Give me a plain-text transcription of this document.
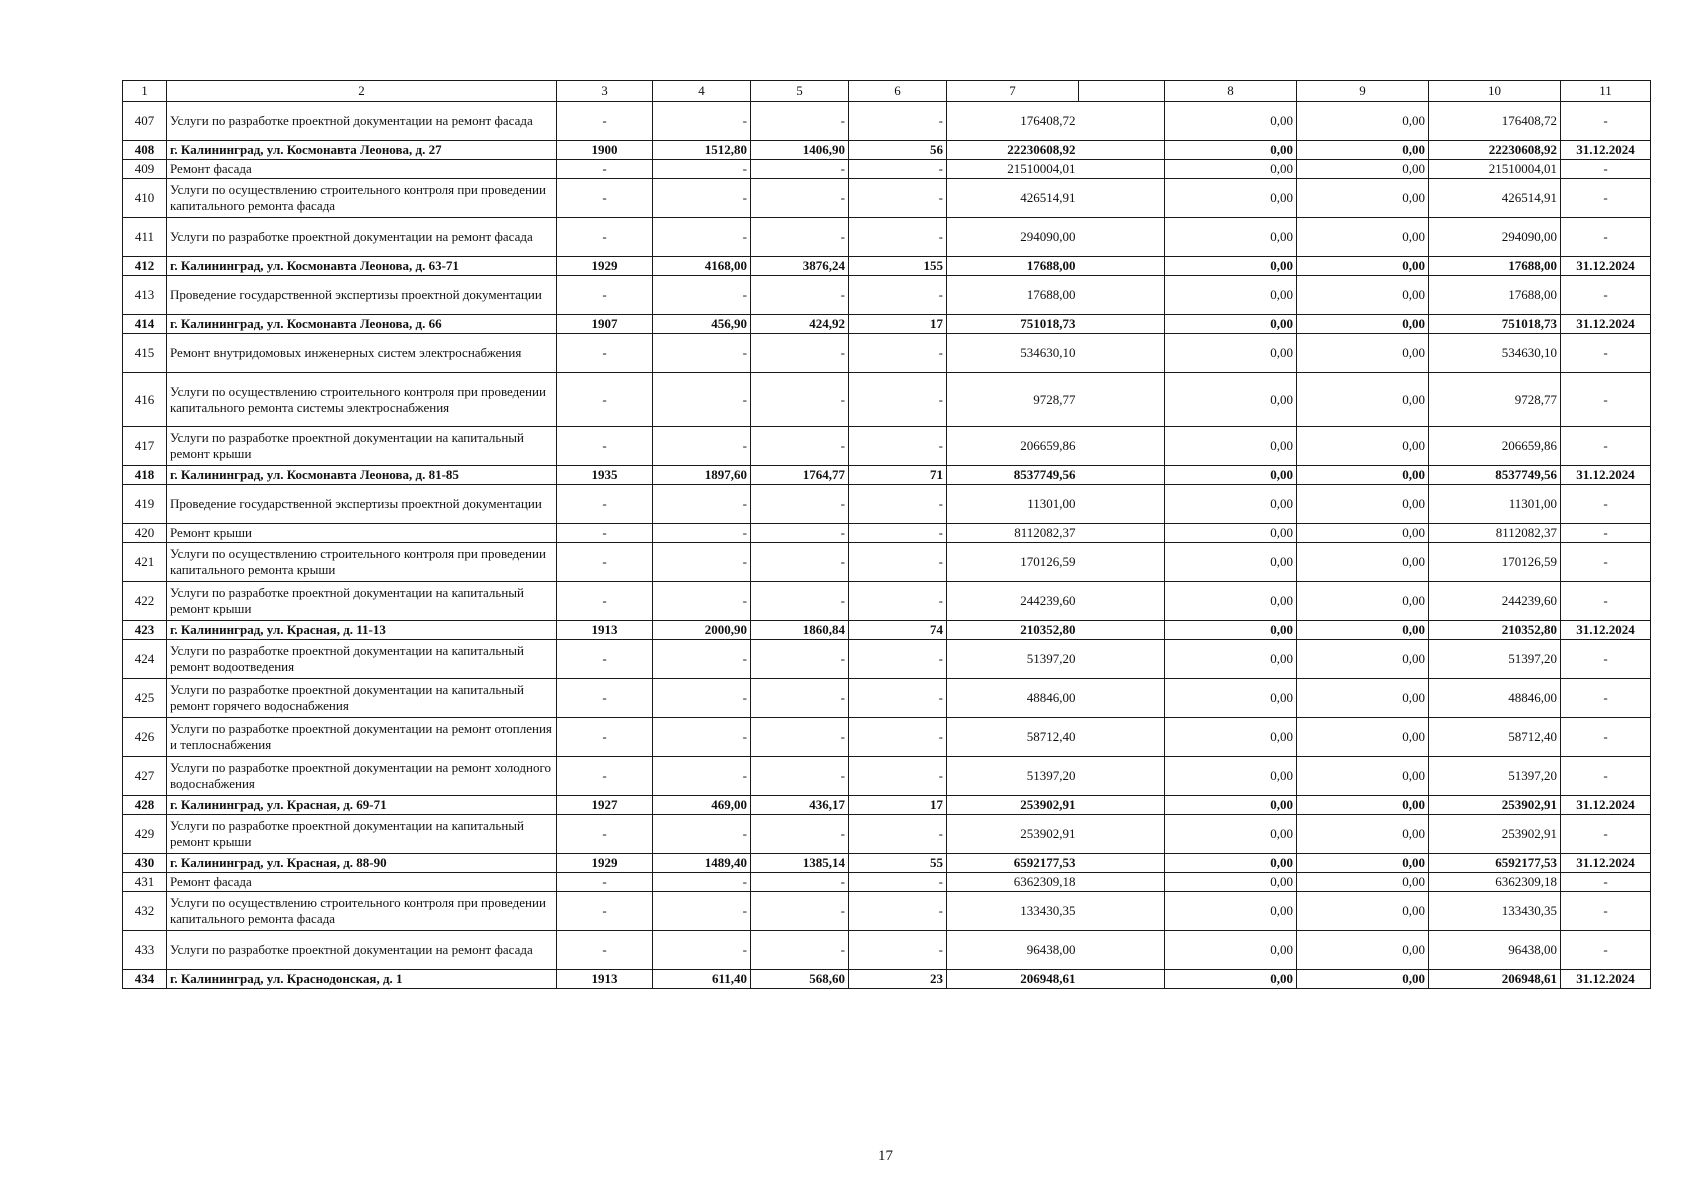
1	2	3	4	5	6	7		8	9	10	11
407	Услуги по разработке проектной документации на ремонт фасада	-	-	-	-	176408,72		0,00	0,00	176408,72	-
408	г. Калининград, ул. Космонавта Леонова, д. 27	1900	1512,80	1406,90	56	22230608,92		0,00	0,00	22230608,92	31.12.2024
409	Ремонт фасада	-	-	-	-	21510004,01		0,00	0,00	21510004,01	-
410	Услуги по осуществлению строительного контроля при проведении капитального ремонта фасада	-	-	-	-	426514,91		0,00	0,00	426514,91	-
411	Услуги по разработке проектной документации на ремонт фасада	-	-	-	-	294090,00		0,00	0,00	294090,00	-
412	г. Калининград, ул. Космонавта Леонова, д. 63-71	1929	4168,00	3876,24	155	17688,00		0,00	0,00	17688,00	31.12.2024
413	Проведение государственной экспертизы проектной документации	-	-	-	-	17688,00		0,00	0,00	17688,00	-
414	г. Калининград, ул. Космонавта Леонова, д. 66	1907	456,90	424,92	17	751018,73		0,00	0,00	751018,73	31.12.2024
415	Ремонт внутридомовых инженерных систем электроснабжения	-	-	-	-	534630,10		0,00	0,00	534630,10	-
416	Услуги по осуществлению строительного контроля при проведении капитального ремонта системы электроснабжения	-	-	-	-	9728,77		0,00	0,00	9728,77	-
417	Услуги по разработке проектной документации на капитальный ремонт крыши	-	-	-	-	206659,86		0,00	0,00	206659,86	-
418	г. Калининград, ул. Космонавта Леонова, д. 81-85	1935	1897,60	1764,77	71	8537749,56		0,00	0,00	8537749,56	31.12.2024
419	Проведение государственной экспертизы проектной документации	-	-	-	-	11301,00		0,00	0,00	11301,00	-
420	Ремонт крыши	-	-	-	-	8112082,37		0,00	0,00	8112082,37	-
421	Услуги по осуществлению строительного контроля при проведении капитального ремонта крыши	-	-	-	-	170126,59		0,00	0,00	170126,59	-
422	Услуги по разработке проектной документации на капитальный ремонт крыши	-	-	-	-	244239,60		0,00	0,00	244239,60	-
423	г. Калининград, ул. Красная, д. 11-13	1913	2000,90	1860,84	74	210352,80		0,00	0,00	210352,80	31.12.2024
424	Услуги по разработке проектной документации на капитальный ремонт водоотведения	-	-	-	-	51397,20		0,00	0,00	51397,20	-
425	Услуги по разработке проектной документации на капитальный ремонт горячего водоснабжения	-	-	-	-	48846,00		0,00	0,00	48846,00	-
426	Услуги по разработке проектной документации на ремонт отопления и теплоснабжения	-	-	-	-	58712,40		0,00	0,00	58712,40	-
427	Услуги по разработке проектной документации на ремонт холодного водоснабжения	-	-	-	-	51397,20		0,00	0,00	51397,20	-
428	г. Калининград, ул. Красная, д. 69-71	1927	469,00	436,17	17	253902,91		0,00	0,00	253902,91	31.12.2024
429	Услуги по разработке проектной документации на капитальный ремонт крыши	-	-	-	-	253902,91		0,00	0,00	253902,91	-
430	г. Калининград, ул. Красная, д. 88-90	1929	1489,40	1385,14	55	6592177,53		0,00	0,00	6592177,53	31.12.2024
431	Ремонт фасада	-	-	-	-	6362309,18		0,00	0,00	6362309,18	-
432	Услуги по осуществлению строительного контроля при проведении капитального ремонта фасада	-	-	-	-	133430,35		0,00	0,00	133430,35	-
433	Услуги по разработке проектной документации на ремонт фасада	-	-	-	-	96438,00		0,00	0,00	96438,00	-
434	г. Калининград, ул. Краснодонская, д. 1	1913	611,40	568,60	23	206948,61		0,00	0,00	206948,61	31.12.2024
17
